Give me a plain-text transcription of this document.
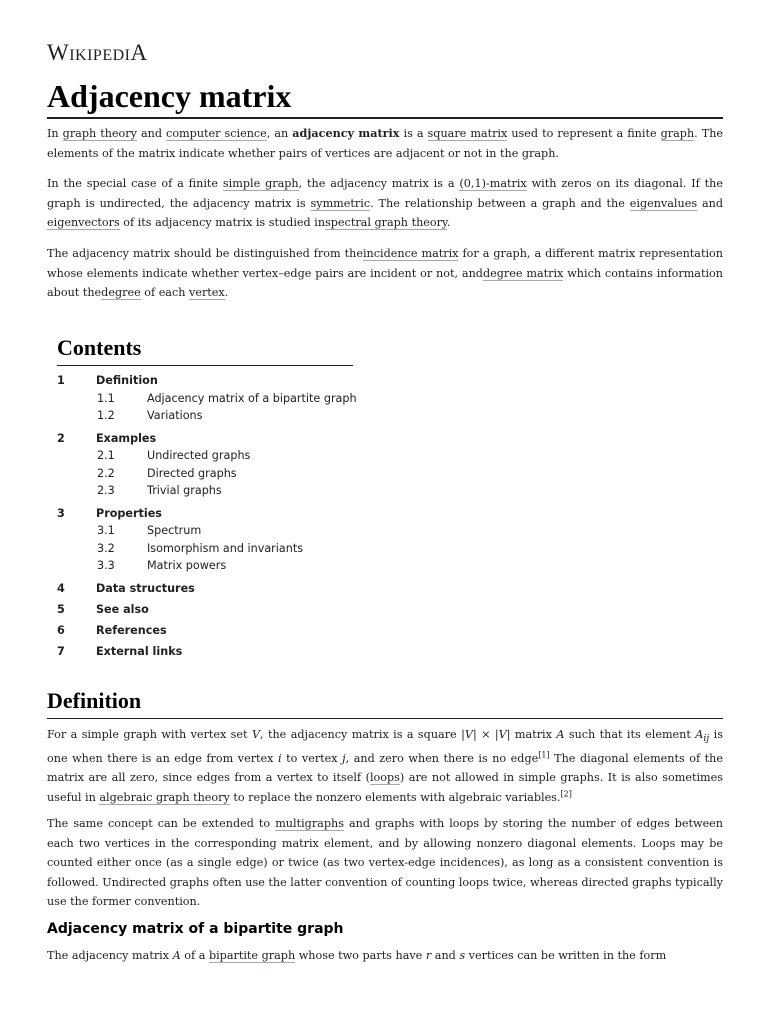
WikipediA
Adjacency matrix

In graph theory and computer science, an adjacency matrix is a square matrix used to represent a finite graph. The elements of the matrix indicate whether pairs of vertices are adjacent or not in the graph.

In the special case of a finite simple graph, the adjacency matrix is a (0,1)-matrix with zeros on its diagonal. If the graph is undirected, the adjacency matrix is symmetric. The relationship between a graph and the eigenvalues and eigenvectors of its adjacency matrix is studied inspectral graph theory.

The adjacency matrix should be distinguished from theincidence matrix for a graph, a different matrix representation whose elements indicate whether vertex–edge pairs are incident or not, anddegree matrix which contains information about thedegree of each vertex.

Contents
1	Definition
1.1	Adjacency matrix of a bipartite graph
1.2	Variations
2	Examples
2.1	Undirected graphs
2.2	Directed graphs
2.3	Trivial graphs
3	Properties
3.1	Spectrum
3.2	Isomorphism and invariants
3.3	Matrix powers
4	Data structures
5	See also
6	References
7	External links
Definition

For a simple graph with vertex set V, the adjacency matrix is a square |V| × |V| matrix A such that its element $A_{ij}$ is one when there is an edge from vertex i to vertex j, and zero when there is no edge[1] The diagonal elements of the matrix are all zero, since edges from a vertex to itself (loops) are not allowed in simple graphs. It is also sometimes useful in algebraic graph theory to replace the nonzero elements with algebraic variables.[2]

The same concept can be extended to multigraphs and graphs with loops by storing the number of edges between each two vertices in the corresponding matrix element, and by allowing nonzero diagonal elements. Loops may be counted either once (as a single edge) or twice (as two vertex-edge incidences), as long as a consistent convention is followed. Undirected graphs often use the latter convention of counting loops twice, whereas directed graphs typically use the former convention.

Adjacency matrix of a bipartite graph

The adjacency matrix A of a bipartite graph whose two parts have r and s vertices can be written in the form
